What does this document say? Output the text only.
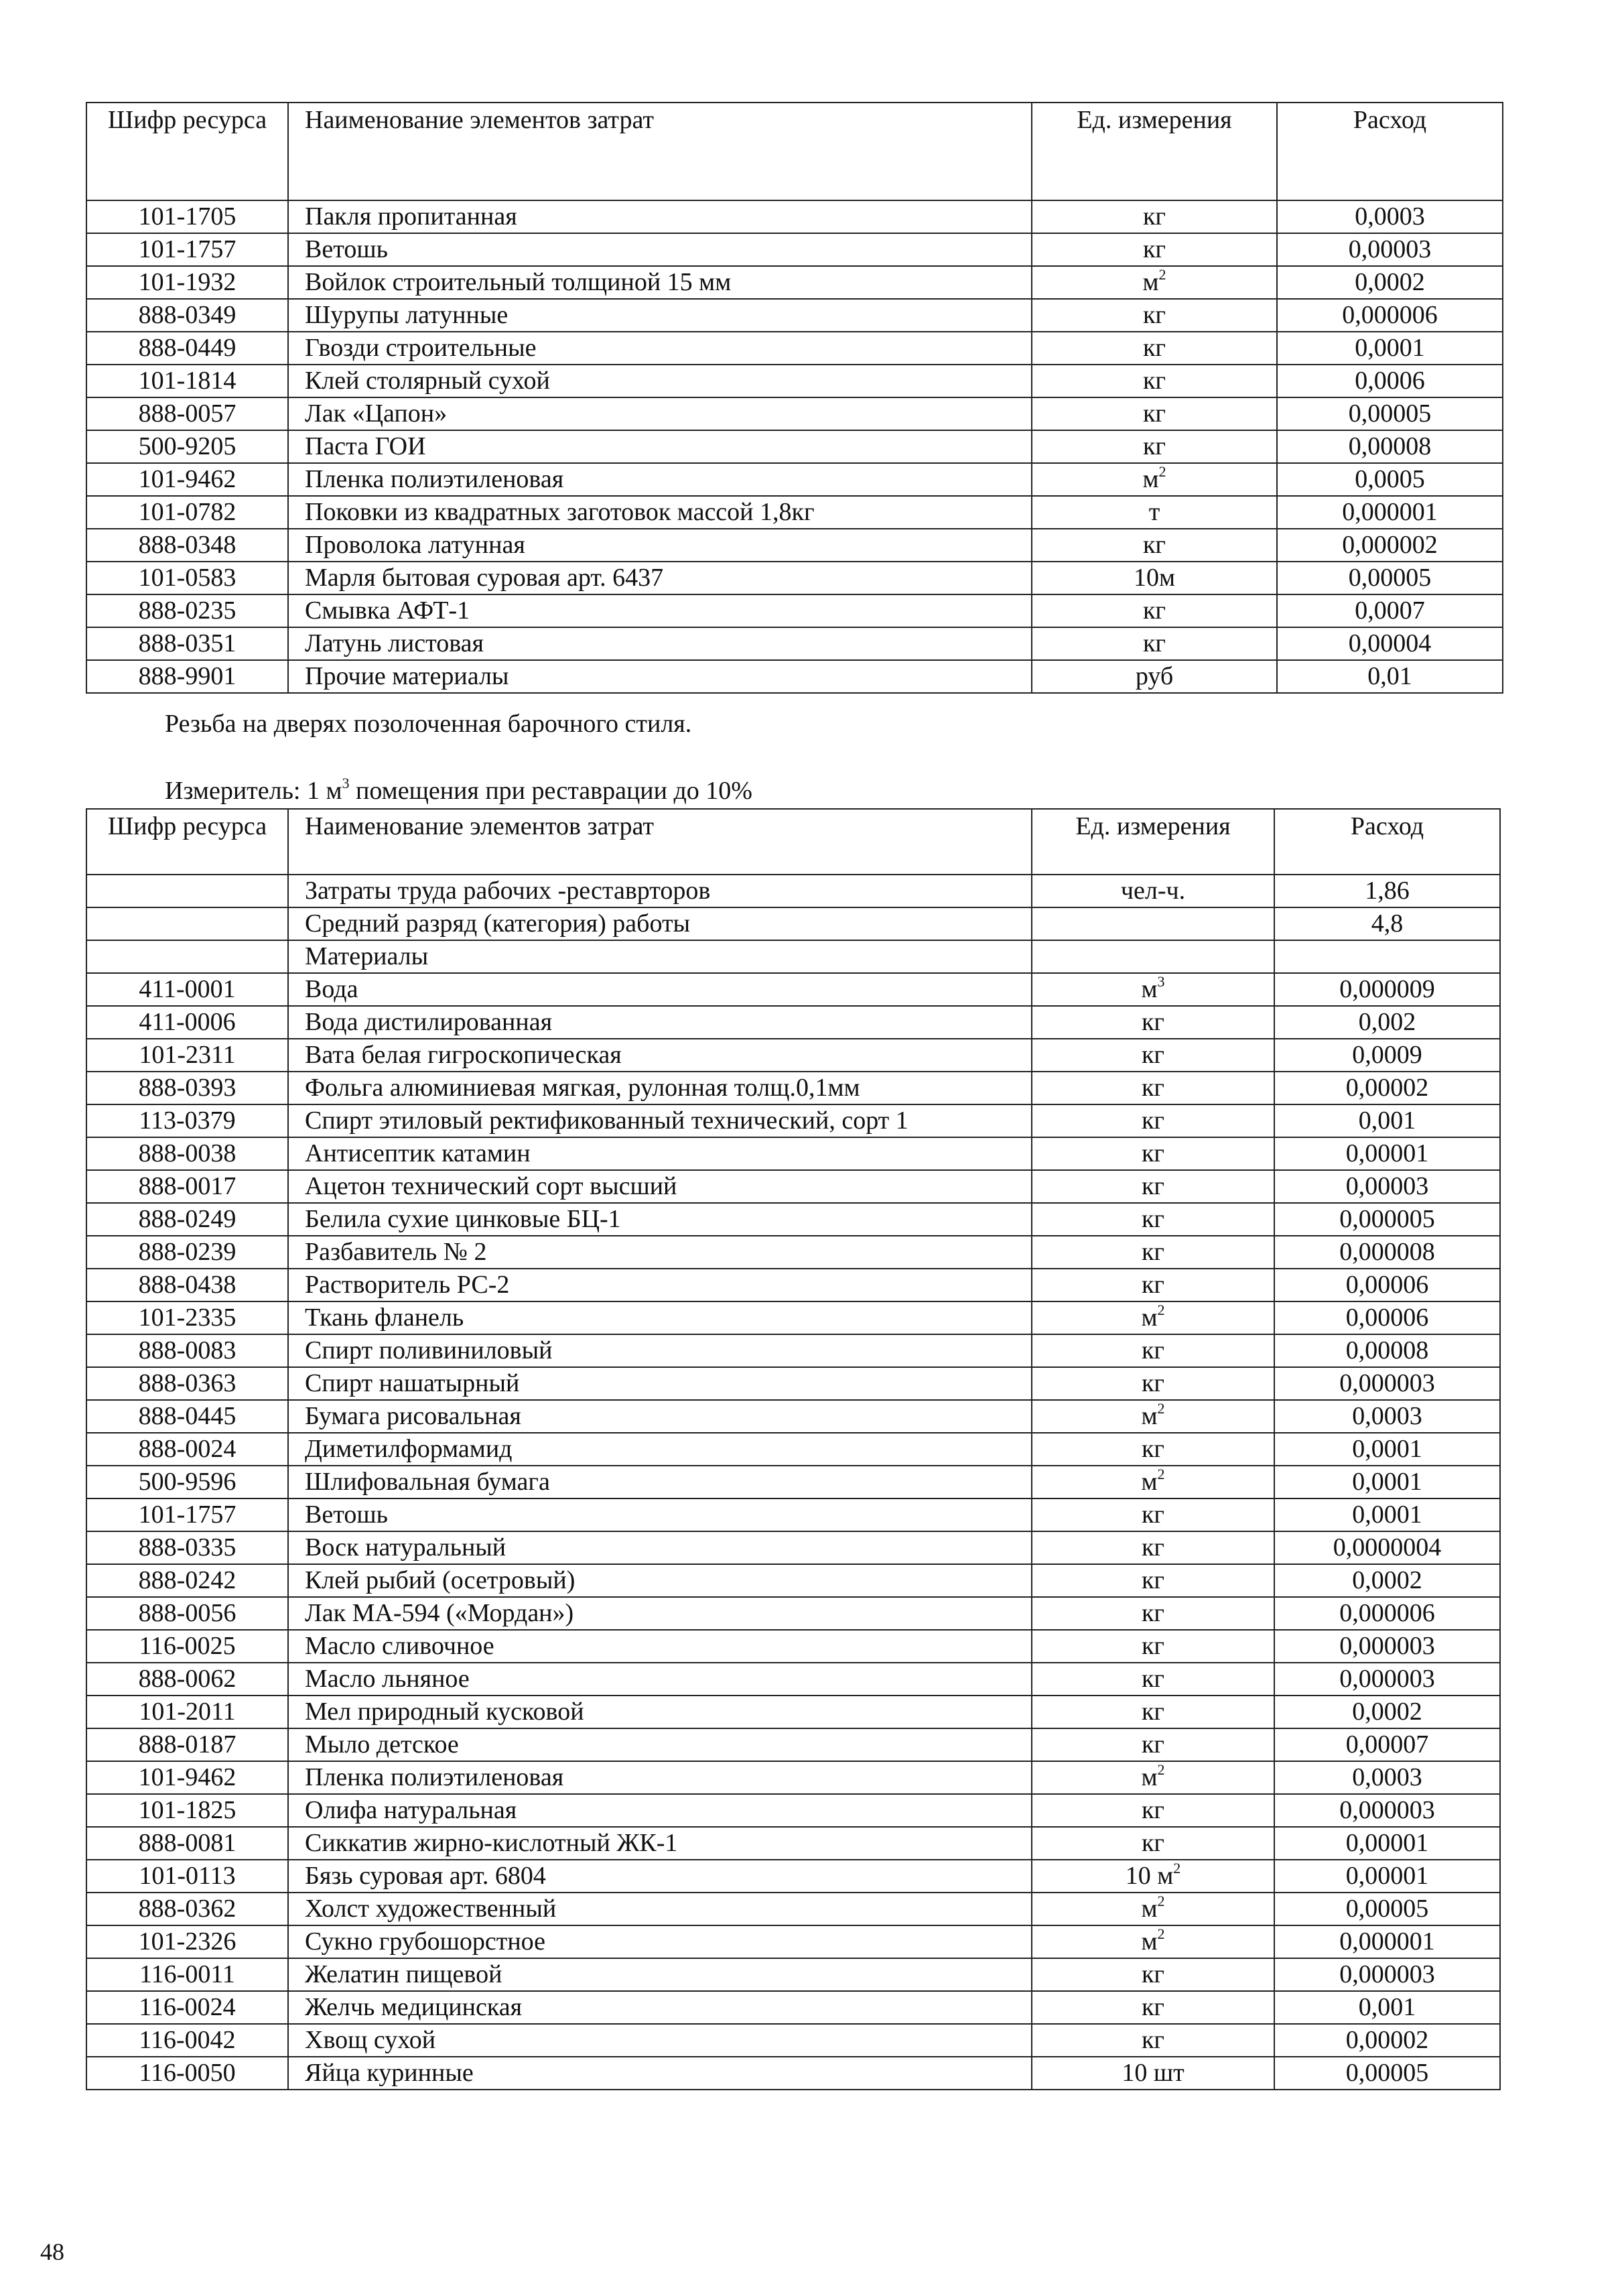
Шифр ресурса	Наименование элементов затрат	Ед. измерения	Расход
101-1705	Пакля пропитанная	кг	0,0003
101-1757	Ветошь	кг	0,00003
101-1932	Войлок строительный толщиной 15 мм	$м^2$	0,0002
888-0349	Шурупы латунные	кг	0,000006
888-0449	Гвозди строительные	кг	0,0001
101-1814	Клей столярный сухой	кг	0,0006
888-0057	Лак «Цапон»	кг	0,00005
500-9205	Паста ГОИ	кг	0,00008
101-9462	Пленка полиэтиленовая	$м^2$	0,0005
101-0782	Поковки из квадратных заготовок массой 1,8кг	т	0,000001
888-0348	Проволока латунная	кг	0,000002
101-0583	Марля бытовая суровая арт. 6437	10м	0,00005
888-0235	Смывка АФТ-1	кг	0,0007
888-0351	Латунь листовая	кг	0,00004
888-9901	Прочие материалы	руб	0,01
Резьба на дверях позолоченная барочного стиля.
Измеритель: 1 $м^3$ помещения при реставрации до 10%
Шифр ресурса	Наименование элементов затрат	Ед. измерения	Расход
	Затраты труда рабочих -реставрторов	чел-ч.	1,86
	Средний разряд (категория) работы		4,8
	Материалы		
411-0001	Вода	$м^3$	0,000009
411-0006	Вода дистилированная	кг	0,002
101-2311	Вата белая гигроскопическая	кг	0,0009
888-0393	Фольга алюминиевая мягкая, рулонная толщ.0,1мм	кг	0,00002
113-0379	Спирт этиловый ректификованный технический, сорт 1	кг	0,001
888-0038	Антисептик катамин	кг	0,00001
888-0017	Ацетон технический сорт высший	кг	0,00003
888-0249	Белила сухие цинковые БЦ-1	кг	0,000005
888-0239	Разбавитель № 2	кг	0,000008
888-0438	Растворитель РС-2	кг	0,00006
101-2335	Ткань фланель	$м^2$	0,00006
888-0083	Спирт поливиниловый	кг	0,00008
888-0363	Спирт нашатырный	кг	0,000003
888-0445	Бумага рисовальная	$м^2$	0,0003
888-0024	Диметилформамид	кг	0,0001
500-9596	Шлифовальная бумага	$м^2$	0,0001
101-1757	Ветошь	кг	0,0001
888-0335	Воск натуральный	кг	0,0000004
888-0242	Клей рыбий (осетровый)	кг	0,0002
888-0056	Лак МА-594 («Мордан»)	кг	0,000006
116-0025	Масло сливочное	кг	0,000003
888-0062	Масло льняное	кг	0,000003
101-2011	Мел природный кусковой	кг	0,0002
888-0187	Мыло детское	кг	0,00007
101-9462	Пленка полиэтиленовая	$м^2$	0,0003
101-1825	Олифа натуральная	кг	0,000003
888-0081	Сиккатив жирно-кислотный ЖК-1	кг	0,00001
101-0113	Бязь суровая арт. 6804	10 $м^2$	0,00001
888-0362	Холст художественный	$м^2$	0,00005
101-2326	Сукно грубошорстное	$м^2$	0,000001
116-0011	Желатин пищевой	кг	0,000003
116-0024	Желчь медицинская	кг	0,001
116-0042	Хвощ сухой	кг	0,00002
116-0050	Яйца куринные	10 шт	0,00005
48
